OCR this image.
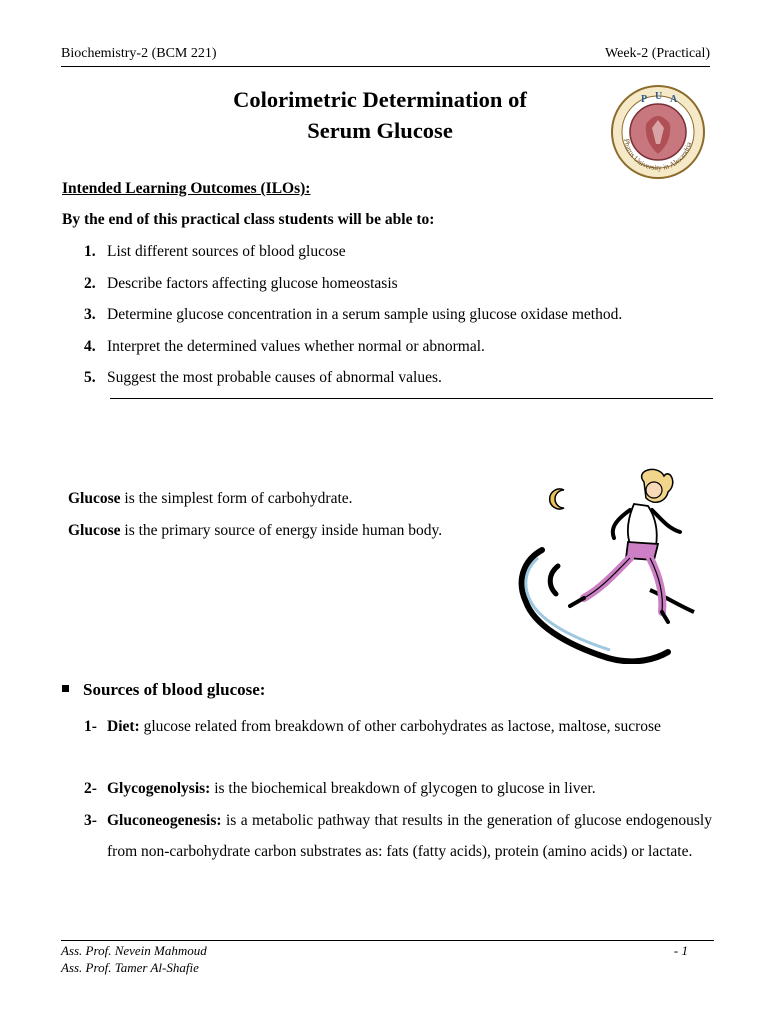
Biochemistry-2 (BCM 221)	Week-2 (Practical)
Colorimetric Determination of
Serum Glucose
P U A
Pharos University in Alexandria
Intended Learning Outcomes (ILOs):
By the end of this practical class students will be able to:
1. List different sources of blood glucose
2. Describe factors affecting glucose homeostasis
3. Determine glucose concentration in a serum sample using glucose oxidase method.
4. Interpret the determined values whether normal or abnormal.
5. Suggest the most probable causes of abnormal values.
Glucose is the simplest form of carbohydrate.
Glucose is the primary source of energy inside human body.
Sources of blood glucose:
1- Diet: glucose related from breakdown of other carbohydrates as lactose, maltose, sucrose
2- Glycogenolysis: is the biochemical breakdown of glycogen to glucose in liver.
3- Gluconeogenesis: is a metabolic pathway that results in the generation of glucose endogenously from non-carbohydrate carbon substrates as: fats (fatty acids), protein (amino acids) or lactate.
Ass. Prof. Nevein Mahmoud
Ass. Prof. Tamer Al-Shafie
- 1
